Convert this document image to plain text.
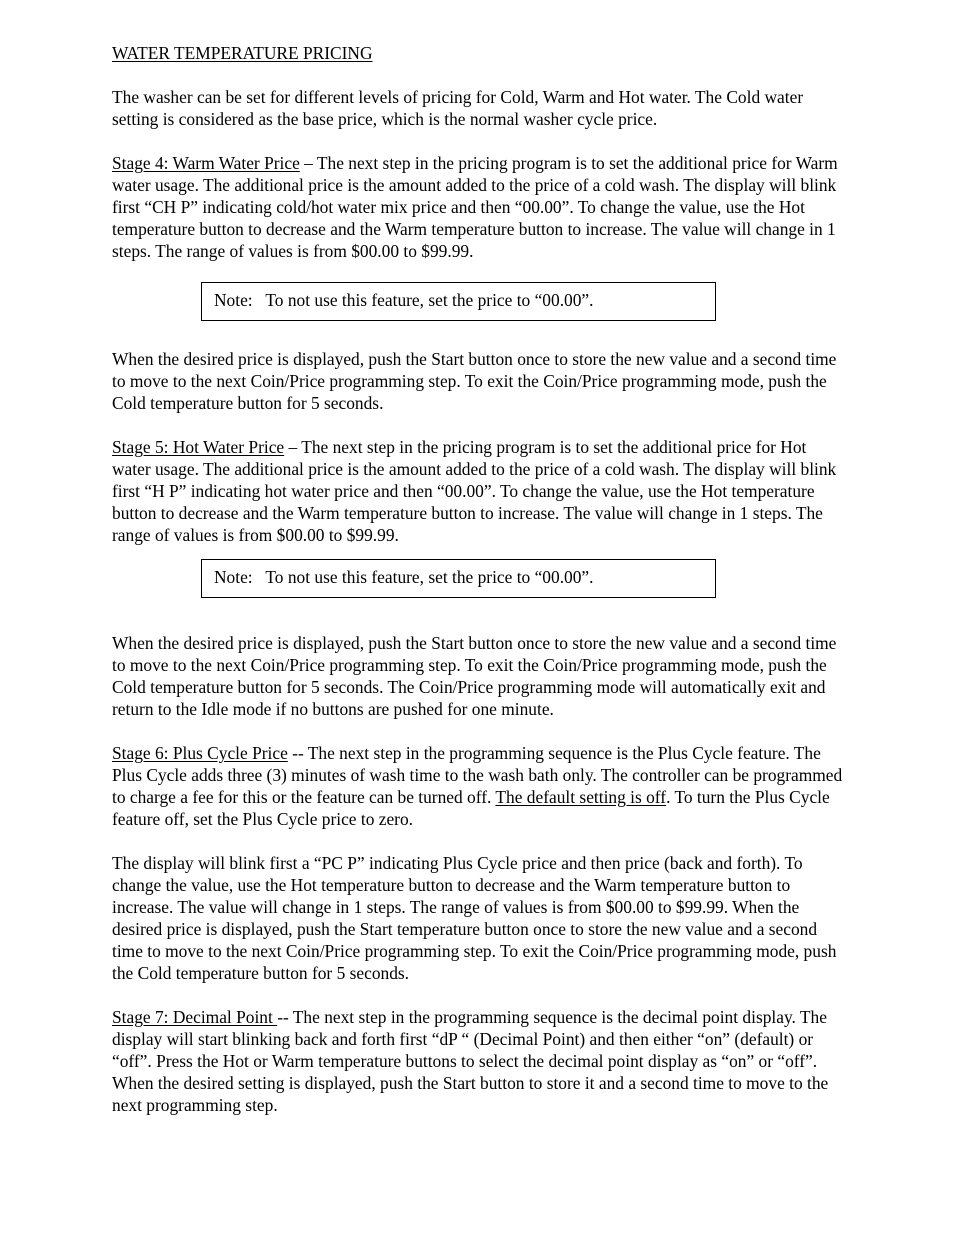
WATER TEMPERATURE PRICING

The washer can be set for different levels of pricing for Cold, Warm and Hot water. The Cold water setting is considered as the base price, which is the normal washer cycle price.

Stage 4: Warm Water Price – The next step in the pricing program is to set the additional price for Warm water usage. The additional price is the amount added to the price of a cold wash. The display will blink first “CH P” indicating cold/hot water mix price and then “00.00”. To change the value, use the Hot temperature button to decrease and the Warm temperature button to increase. The value will change in 1 steps. The range of values is from $00.00 to $99.99.

When the desired price is displayed, push the Start button once to store the new value and a second time to move to the next Coin/Price programming step. To exit the Coin/Price programming mode, push the Cold temperature button for 5 seconds.

Stage 5: Hot Water Price – The next step in the pricing program is to set the additional price for Hot water usage. The additional price is the amount added to the price of a cold wash. The display will blink first “H P” indicating hot water price and then “00.00”. To change the value, use the Hot temperature button to decrease and the Warm temperature button to increase. The value will change in 1 steps. The range of values is from $00.00 to $99.99.

When the desired price is displayed, push the Start button once to store the new value and a second time to move to the next Coin/Price programming step. To exit the Coin/Price programming mode, push the Cold temperature button for 5 seconds. The Coin/Price programming mode will automatically exit and return to the Idle mode if no buttons are pushed for one minute.

Stage 6: Plus Cycle Price -- The next step in the programming sequence is the Plus Cycle feature. The Plus Cycle adds three (3) minutes of wash time to the wash bath only. The controller can be programmed to charge a fee for this or the feature can be turned off. The default setting is off. To turn the Plus Cycle feature off, set the Plus Cycle price to zero.

The display will blink first a “PC P” indicating Plus Cycle price and then price (back and forth). To change the value, use the Hot temperature button to decrease and the Warm temperature button to increase. The value will change in 1 steps. The range of values is from $00.00 to $99.99. When the desired price is displayed, push the Start temperature button once to store the new value and a second time to move to the next Coin/Price programming step. To exit the Coin/Price programming mode, push the Cold temperature button for 5 seconds.

Stage 7: Decimal Point -- The next step in the programming sequence is the decimal point display. The display will start blinking back and forth first “dP “ (Decimal Point) and then either “on” (default) or “off”. Press the Hot or Warm temperature buttons to select the decimal point display as “on” or “off”. When the desired setting is displayed, push the Start button to store it and a second time to move to the next programming step.

Note:   To not use this feature, set the price to “00.00”.
Note:   To not use this feature, set the price to “00.00”.
